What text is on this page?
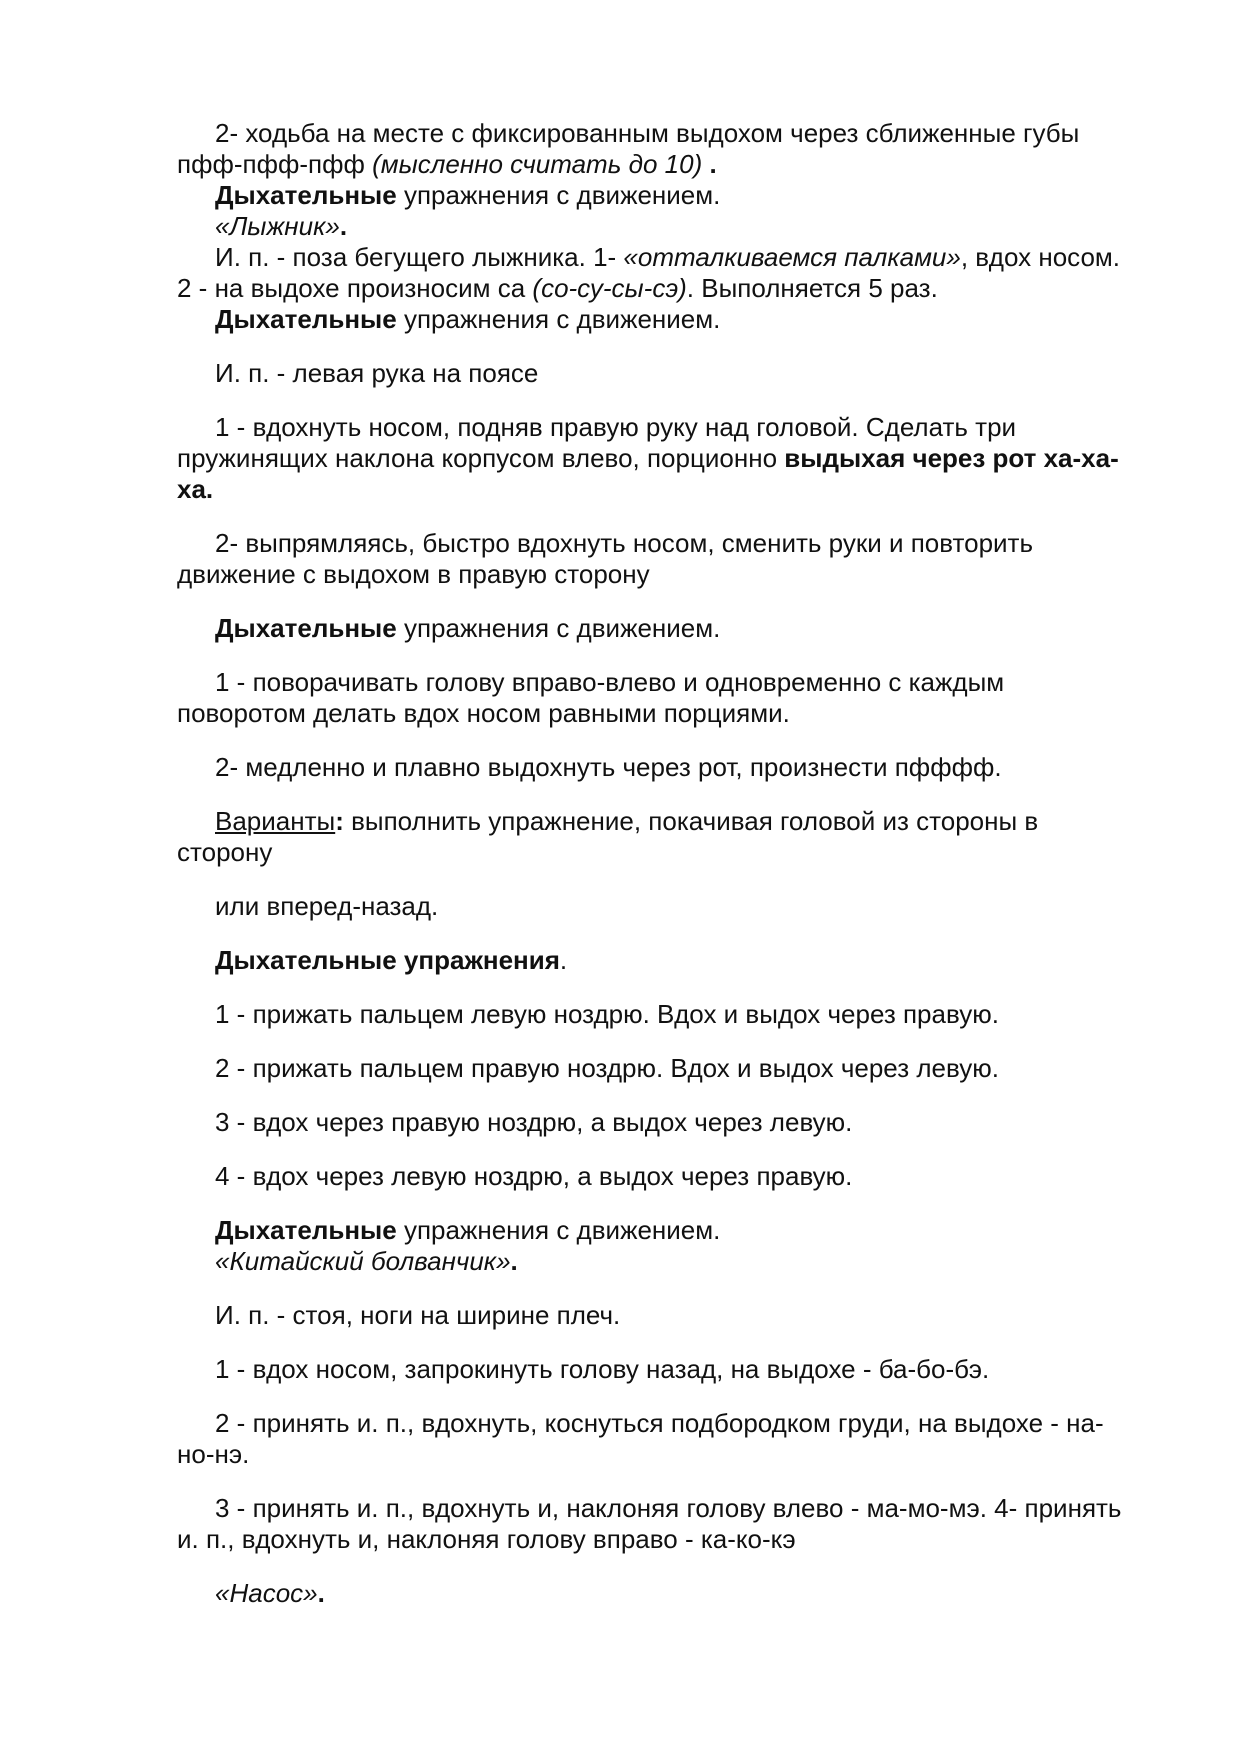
2- ходьба на месте с фиксированным выдохом через сближенные губы пфф-пфф-пфф (мысленно считать до 10) .

Дыхательные упражнения с движением.

«Лыжник».

И. п. - поза бегущего лыжника. 1- «отталкиваемся палками», вдох носом. 2 - на выдохе произносим са (со-су-сы-сэ). Выполняется 5 раз.

Дыхательные упражнения с движением.

И. п. - левая рука на поясе

1 - вдохнуть носом, подняв правую руку над головой. Сделать три пружинящих наклона корпусом влево, порционно выдыхая через рот ха-ха-ха.

2- выпрямляясь, быстро вдохнуть носом, сменить руки и повторить движение с выдохом в правую сторону

Дыхательные упражнения с движением.

1 - поворачивать голову вправо-влево и одновременно с каждым поворотом делать вдох носом равными порциями.

2- медленно и плавно выдохнуть через рот, произнести пфффф.

Варианты: выполнить упражнение, покачивая головой из стороны в сторону

или вперед-назад.

Дыхательные упражнения.

1 - прижать пальцем левую ноздрю. Вдох и выдох через правую.

2 - прижать пальцем правую ноздрю. Вдох и выдох через левую.

3 - вдох через правую ноздрю, а выдох через левую.

4 - вдох через левую ноздрю, а выдох через правую.

Дыхательные упражнения с движением.

«Китайский болванчик».

И. п. - стоя, ноги на ширине плеч.

1 - вдох носом, запрокинуть голову назад, на выдохе - ба-бо-бэ.

2 - принять и. п., вдохнуть, коснуться подбородком груди, на выдохе - на-но-нэ.

3 - принять и. п., вдохнуть и, наклоняя голову влево - ма-мо-мэ. 4- принять и. п., вдохнуть и, наклоняя голову вправо - ка-ко-кэ

«Насос».
